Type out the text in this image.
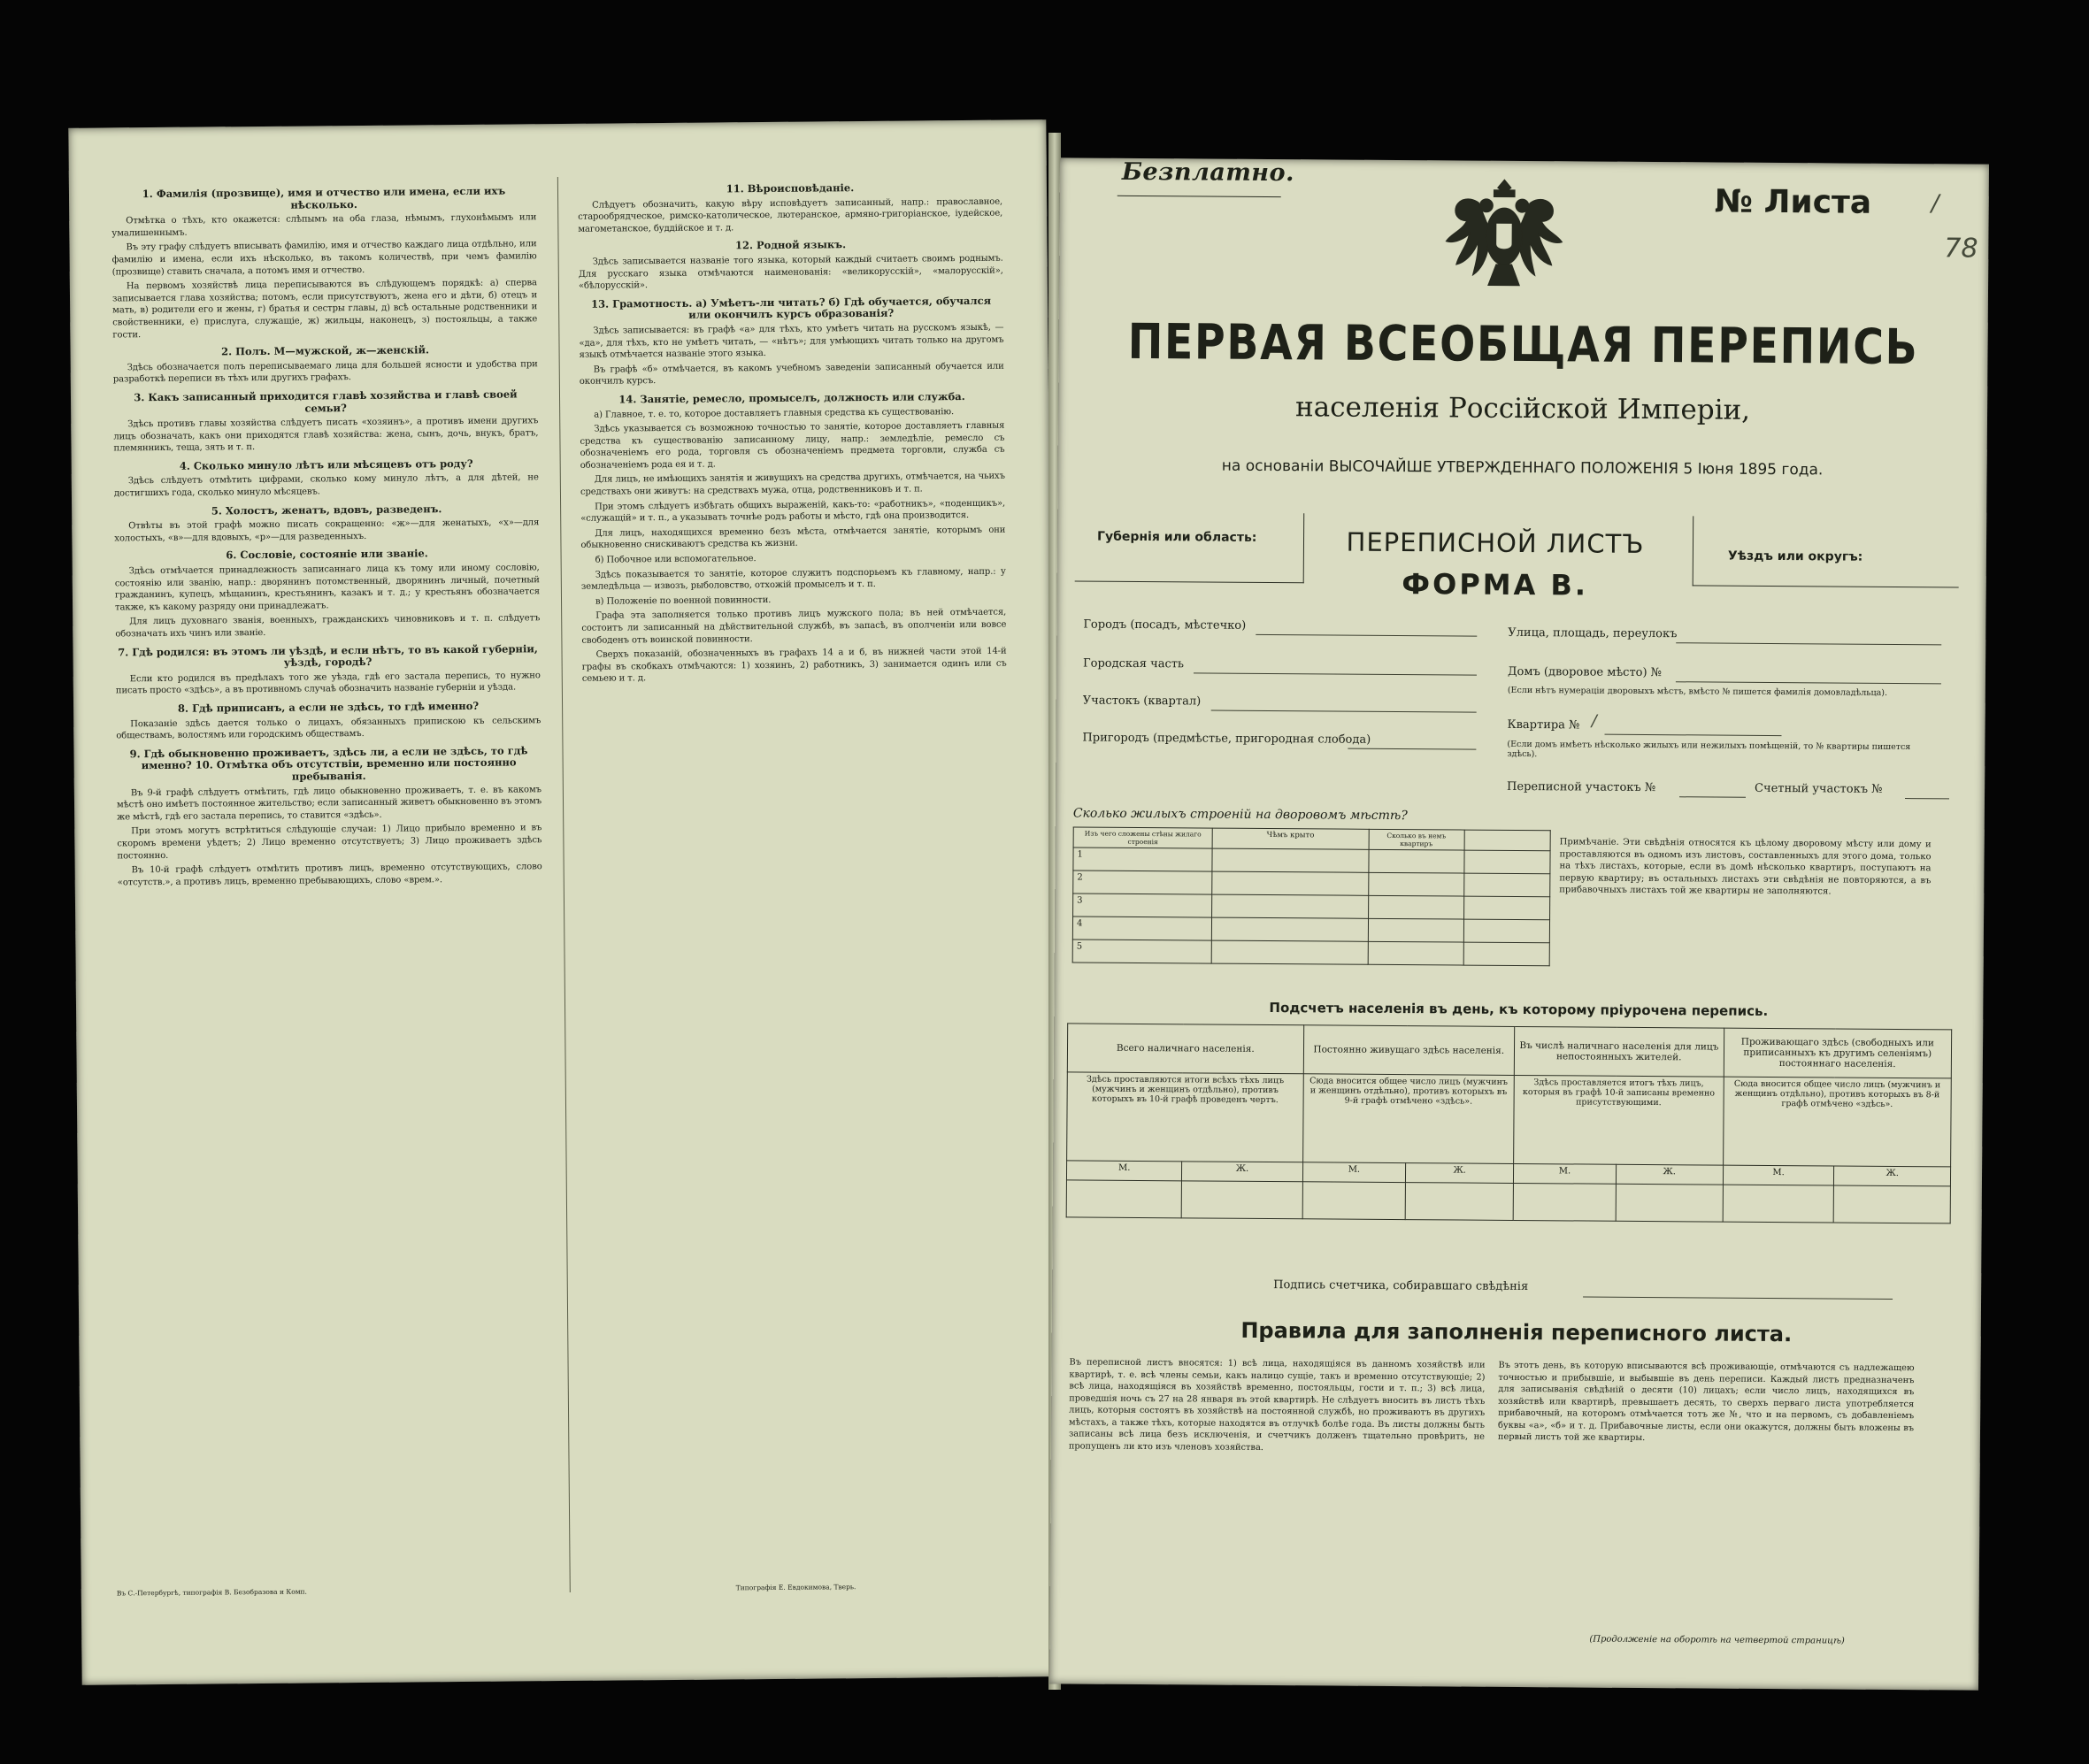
1. Фамилія (прозвище), имя и отчество или имена, если ихъ нѣсколько.

Отмѣтка о тѣхъ, кто окажется: слѣпымъ на оба глаза, нѣмымъ, глухонѣмымъ или умалишеннымъ.

Въ эту графу слѣдуетъ вписывать фамилію, имя и отчество каждаго лица отдѣльно, или фамилію и имена, если ихъ нѣсколько, въ такомъ количествѣ, при чемъ фамилію (прозвище) ставить сначала, а потомъ имя и отчество.

На первомъ хозяйствѣ лица переписываются въ слѣдующемъ порядкѣ: а) сперва записывается глава хозяйства; потомъ, если присутствуютъ, жена его и дѣти, б) отецъ и мать, в) родители его и жены, г) братья и сестры главы, д) всѣ остальные родственники и свойственники, е) прислуга, служащіе, ж) жильцы, наконецъ, з) постояльцы, а также гости.

2. Полъ. М—мужской, ж—женскій.

Здѣсь обозначается полъ переписываемаго лица для большей ясности и удобства при разработкѣ переписи въ тѣхъ или другихъ графахъ.

3. Какъ записанный приходится главѣ хозяйства и главѣ своей семьи?

Здѣсь противъ главы хозяйства слѣдуетъ писать «хозяинъ», а противъ имени другихъ лицъ обозначать, какъ они приходятся главѣ хозяйства: жена, сынъ, дочь, внукъ, братъ, племянникъ, теща, зять и т. п.

4. Сколько минуло лѣтъ или мѣсяцевъ отъ роду?

Здѣсь слѣдуетъ отмѣтить цифрами, сколько кому минуло лѣтъ, а для дѣтей, не достигшихъ года, сколько минуло мѣсяцевъ.

5. Холостъ, женатъ, вдовъ, разведенъ.

Отвѣты въ этой графѣ можно писать сокращенно: «ж»—для женатыхъ, «х»—для холостыхъ, «в»—для вдовыхъ, «р»—для разведенныхъ.

6. Сословіе, состояніе или званіе.

Здѣсь отмѣчается принадлежность записаннаго лица къ тому или иному сословію, состоянію или званію, напр.: дворянинъ потомственный, дворянинъ личный, почетный гражданинъ, купецъ, мѣщанинъ, крестьянинъ, казакъ и т. д.; у крестьянъ обозначается также, къ какому разряду они принадлежатъ.

Для лицъ духовнаго званія, военныхъ, гражданскихъ чиновниковъ и т. п. слѣдуетъ обозначать ихъ чинъ или званіе.

7. Гдѣ родился: въ этомъ ли уѣздѣ, и если нѣтъ, то въ какой губерніи, уѣздѣ, городѣ?

Если кто родился въ предѣлахъ того же уѣзда, гдѣ его застала перепись, то нужно писать просто «здѣсь», а въ противномъ случаѣ обозначить названіе губерніи и уѣзда.

8. Гдѣ приписанъ, а если не здѣсь, то гдѣ именно?

Показаніе здѣсь дается только о лицахъ, обязанныхъ припискою къ сельскимъ обществамъ, волостямъ или городскимъ обществамъ.

9. Гдѣ обыкновенно проживаетъ, здѣсь ли, а если не здѣсь, то гдѣ именно? 10. Отмѣтка объ отсутствіи, временно или постоянно пребыванія.

Въ 9-й графѣ слѣдуетъ отмѣтить, гдѣ лицо обыкновенно проживаетъ, т. е. въ какомъ мѣстѣ оно имѣетъ постоянное жительство; если записанный живетъ обыкновенно въ этомъ же мѣстѣ, гдѣ его застала перепись, то ставится «здѣсь».

При этомъ могутъ встрѣтиться слѣдующіе случаи: 1) Лицо прибыло временно и въ скоромъ времени уѣдетъ; 2) Лицо временно отсутствуетъ; 3) Лицо проживаетъ здѣсь постоянно.

Въ 10-й графѣ слѣдуетъ отмѣтить противъ лицъ, временно отсутствующихъ, слово «отсутств.», а противъ лицъ, временно пребывающихъ, слово «врем.».

11. Вѣроисповѣданіе.

Слѣдуетъ обозначить, какую вѣру исповѣдуетъ записанный, напр.: православное, старообрядческое, римско-католическое, лютеранское, армяно-григоріанское, іудейское, магометанское, буддійское и т. д.

12. Родной языкъ.

Здѣсь записывается названіе того языка, который каждый считаетъ своимъ роднымъ. Для русскаго языка отмѣчаются наименованія: «великорусскій», «малорусскій», «бѣлорусскій».

13. Грамотность. а) Умѣетъ-ли читать? б) Гдѣ обучается, обучался или окончилъ курсъ образованія?

Здѣсь записывается: въ графѣ «а» для тѣхъ, кто умѣетъ читать на русскомъ языкѣ, — «да», для тѣхъ, кто не умѣетъ читать, — «нѣтъ»; для умѣющихъ читать только на другомъ языкѣ отмѣчается названіе этого языка.

Въ графѣ «б» отмѣчается, въ какомъ учебномъ заведеніи записанный обучается или окончилъ курсъ.

14. Занятіе, ремесло, промыселъ, должность или служба.

а) Главное, т. е. то, которое доставляетъ главныя средства къ существованію.

Здѣсь указывается съ возможною точностью то занятіе, которое доставляетъ главныя средства къ существованію записанному лицу, напр.: земледѣліе, ремесло съ обозначеніемъ его рода, торговля съ обозначеніемъ предмета торговли, служба съ обозначеніемъ рода ея и т. д.

Для лицъ, не имѣющихъ занятія и живущихъ на средства другихъ, отмѣчается, на чьихъ средствахъ они живутъ: на средствахъ мужа, отца, родственниковъ и т. п.

При этомъ слѣдуетъ избѣгать общихъ выраженій, какъ-то: «работникъ», «поденщикъ», «служащій» и т. п., а указывать точнѣе родъ работы и мѣсто, гдѣ она производится.

Для лицъ, находящихся временно безъ мѣста, отмѣчается занятіе, которымъ они обыкновенно снискиваютъ средства къ жизни.

б) Побочное или вспомогательное.

Здѣсь показывается то занятіе, которое служитъ подспорьемъ къ главному, напр.: у земледѣльца — извозъ, рыболовство, отхожій промыселъ и т. п.

в) Положеніе по военной повинности.

Графа эта заполняется только противъ лицъ мужского пола; въ ней отмѣчается, состоитъ ли записанный на дѣйствительной службѣ, въ запасѣ, въ ополченіи или вовсе свободенъ отъ воинской повинности.

Сверхъ показаній, обозначенныхъ въ графахъ 14 а и б, въ нижней части этой 14-й графы въ скобкахъ отмѣчаются: 1) хозяинъ, 2) работникъ, 3) занимается одинъ или съ семьею и т. д.

Въ С.-Петербургѣ, типографія В. Безобразова и Комп.
Типографія Е. Евдокимова, Тверь.
Безплатно.
№ Листа	/
78
ПЕРВАЯ ВСЕОБЩАЯ ПЕРЕПИСЬ
населенія Россійской Имперіи,
на основаніи ВЫСОЧАЙШЕ УТВЕРЖДЕННАГО ПОЛОЖЕНІЯ 5 Іюня 1895 года.
Губернія или область:	ПЕРЕПИСНОЙ ЛИСТЪ
ФОРМА В.
Уѣздъ или округъ:
Городъ (посадъ, мѣстечко)
Городская часть
Участокъ (квартал)
Пригородъ (предмѣстье, пригородная слобода)
Улица, площадь, переулокъ
Домъ (дворовое мѣсто) №
(Если нѣтъ нумераціи дворовыхъ мѣстъ, вмѣсто № пишется фамилія домовладѣльца).
Квартира № /
(Если домъ имѣетъ нѣсколько жилыхъ или нежилыхъ помѣщеній, то № квартиры пишется здѣсь).
Переписной участокъ №	Счетный участокъ №
Сколько жилыхъ строеній на дворовомъ мѣстѣ?
Изъ чего сложены стѣны жилаго строенія	Чѣмъ крыто	Сколько въ немъ квартиръ	
1			
2			
3			
4			
5			
Примѣчаніе. Эти свѣдѣнія относятся къ цѣлому дворовому мѣсту или дому и проставляются въ одномъ изъ листовъ, составленныхъ для этого дома, только на тѣхъ листахъ, которые, если въ домѣ нѣсколько квартиръ, поступаютъ на первую квартиру; въ остальныхъ листахъ эти свѣдѣнія не повторяются, а въ прибавочныхъ листахъ той же квартиры не заполняются.
Подсчетъ населенія въ день, къ которому пріурочена перепись.
Всего наличнаго населенія.		Постоянно живущаго здѣсь населенія.		Въ числѣ наличнаго населенія для лицъ непостоянныхъ жителей.		Проживающаго здѣсь (свободныхъ или приписанныхъ къ другимъ селеніямъ) постояннаго населенія.	
Здѣсь проставляются итоги всѣхъ тѣхъ лицъ (мужчинъ и женщинъ отдѣльно), противъ которыхъ въ 10-й графѣ проведенъ чертъ.		Сюда вносится общее число лицъ (мужчинъ и женщинъ отдѣльно), противъ которыхъ въ 9-й графѣ отмѣчено «здѣсь».		Здѣсь проставляется итогъ тѣхъ лицъ, которыя въ графѣ 10-й записаны временно присутствующими.		Сюда вносится общее число лицъ (мужчинъ и женщинъ отдѣльно), противъ которыхъ въ 8-й графѣ отмѣчено «здѣсь».	
М.	Ж.	М.	Ж.	М.	Ж.	М.	Ж.

Подпись счетчика, собиравшаго свѣдѣнія
Правила для заполненія переписного листа.
Въ переписной листъ вносятся: 1) всѣ лица, находящіяся въ данномъ хозяйствѣ или квартирѣ, т. е. всѣ члены семьи, какъ налицо сущіе, такъ и временно отсутствующіе; 2) всѣ лица, находящіяся въ хозяйствѣ временно, постояльцы, гости и т. п.; 3) всѣ лица, проведшія ночь съ 27 на 28 января въ этой квартирѣ. Не слѣдуетъ вносить въ листъ тѣхъ лицъ, которыя состоятъ въ хозяйствѣ на постоянной службѣ, но проживаютъ въ другихъ мѣстахъ, а также тѣхъ, которые находятся въ отлучкѣ болѣе года. Въ листы должны быть записаны всѣ лица безъ исключенія, и счетчикъ долженъ тщательно провѣрить, не пропущенъ ли кто изъ членовъ хозяйства.
Въ этотъ день, въ которую вписываются всѣ проживающіе, отмѣчаются съ надлежащею точностью и прибывшіе, и выбывшіе въ день переписи. Каждый листъ предназначенъ для записыванія свѣдѣній о десяти (10) лицахъ; если число лицъ, находящихся въ хозяйствѣ или квартирѣ, превышаетъ десять, то сверхъ перваго листа употребляется прибавочный, на которомъ отмѣчается тотъ же №, что и на первомъ, съ добавленіемъ буквы «а», «б» и т. д. Прибавочные листы, если они окажутся, должны быть вложены въ первый листъ той же квартиры.
(Продолженіе на оборотѣ на четвертой страницѣ)
